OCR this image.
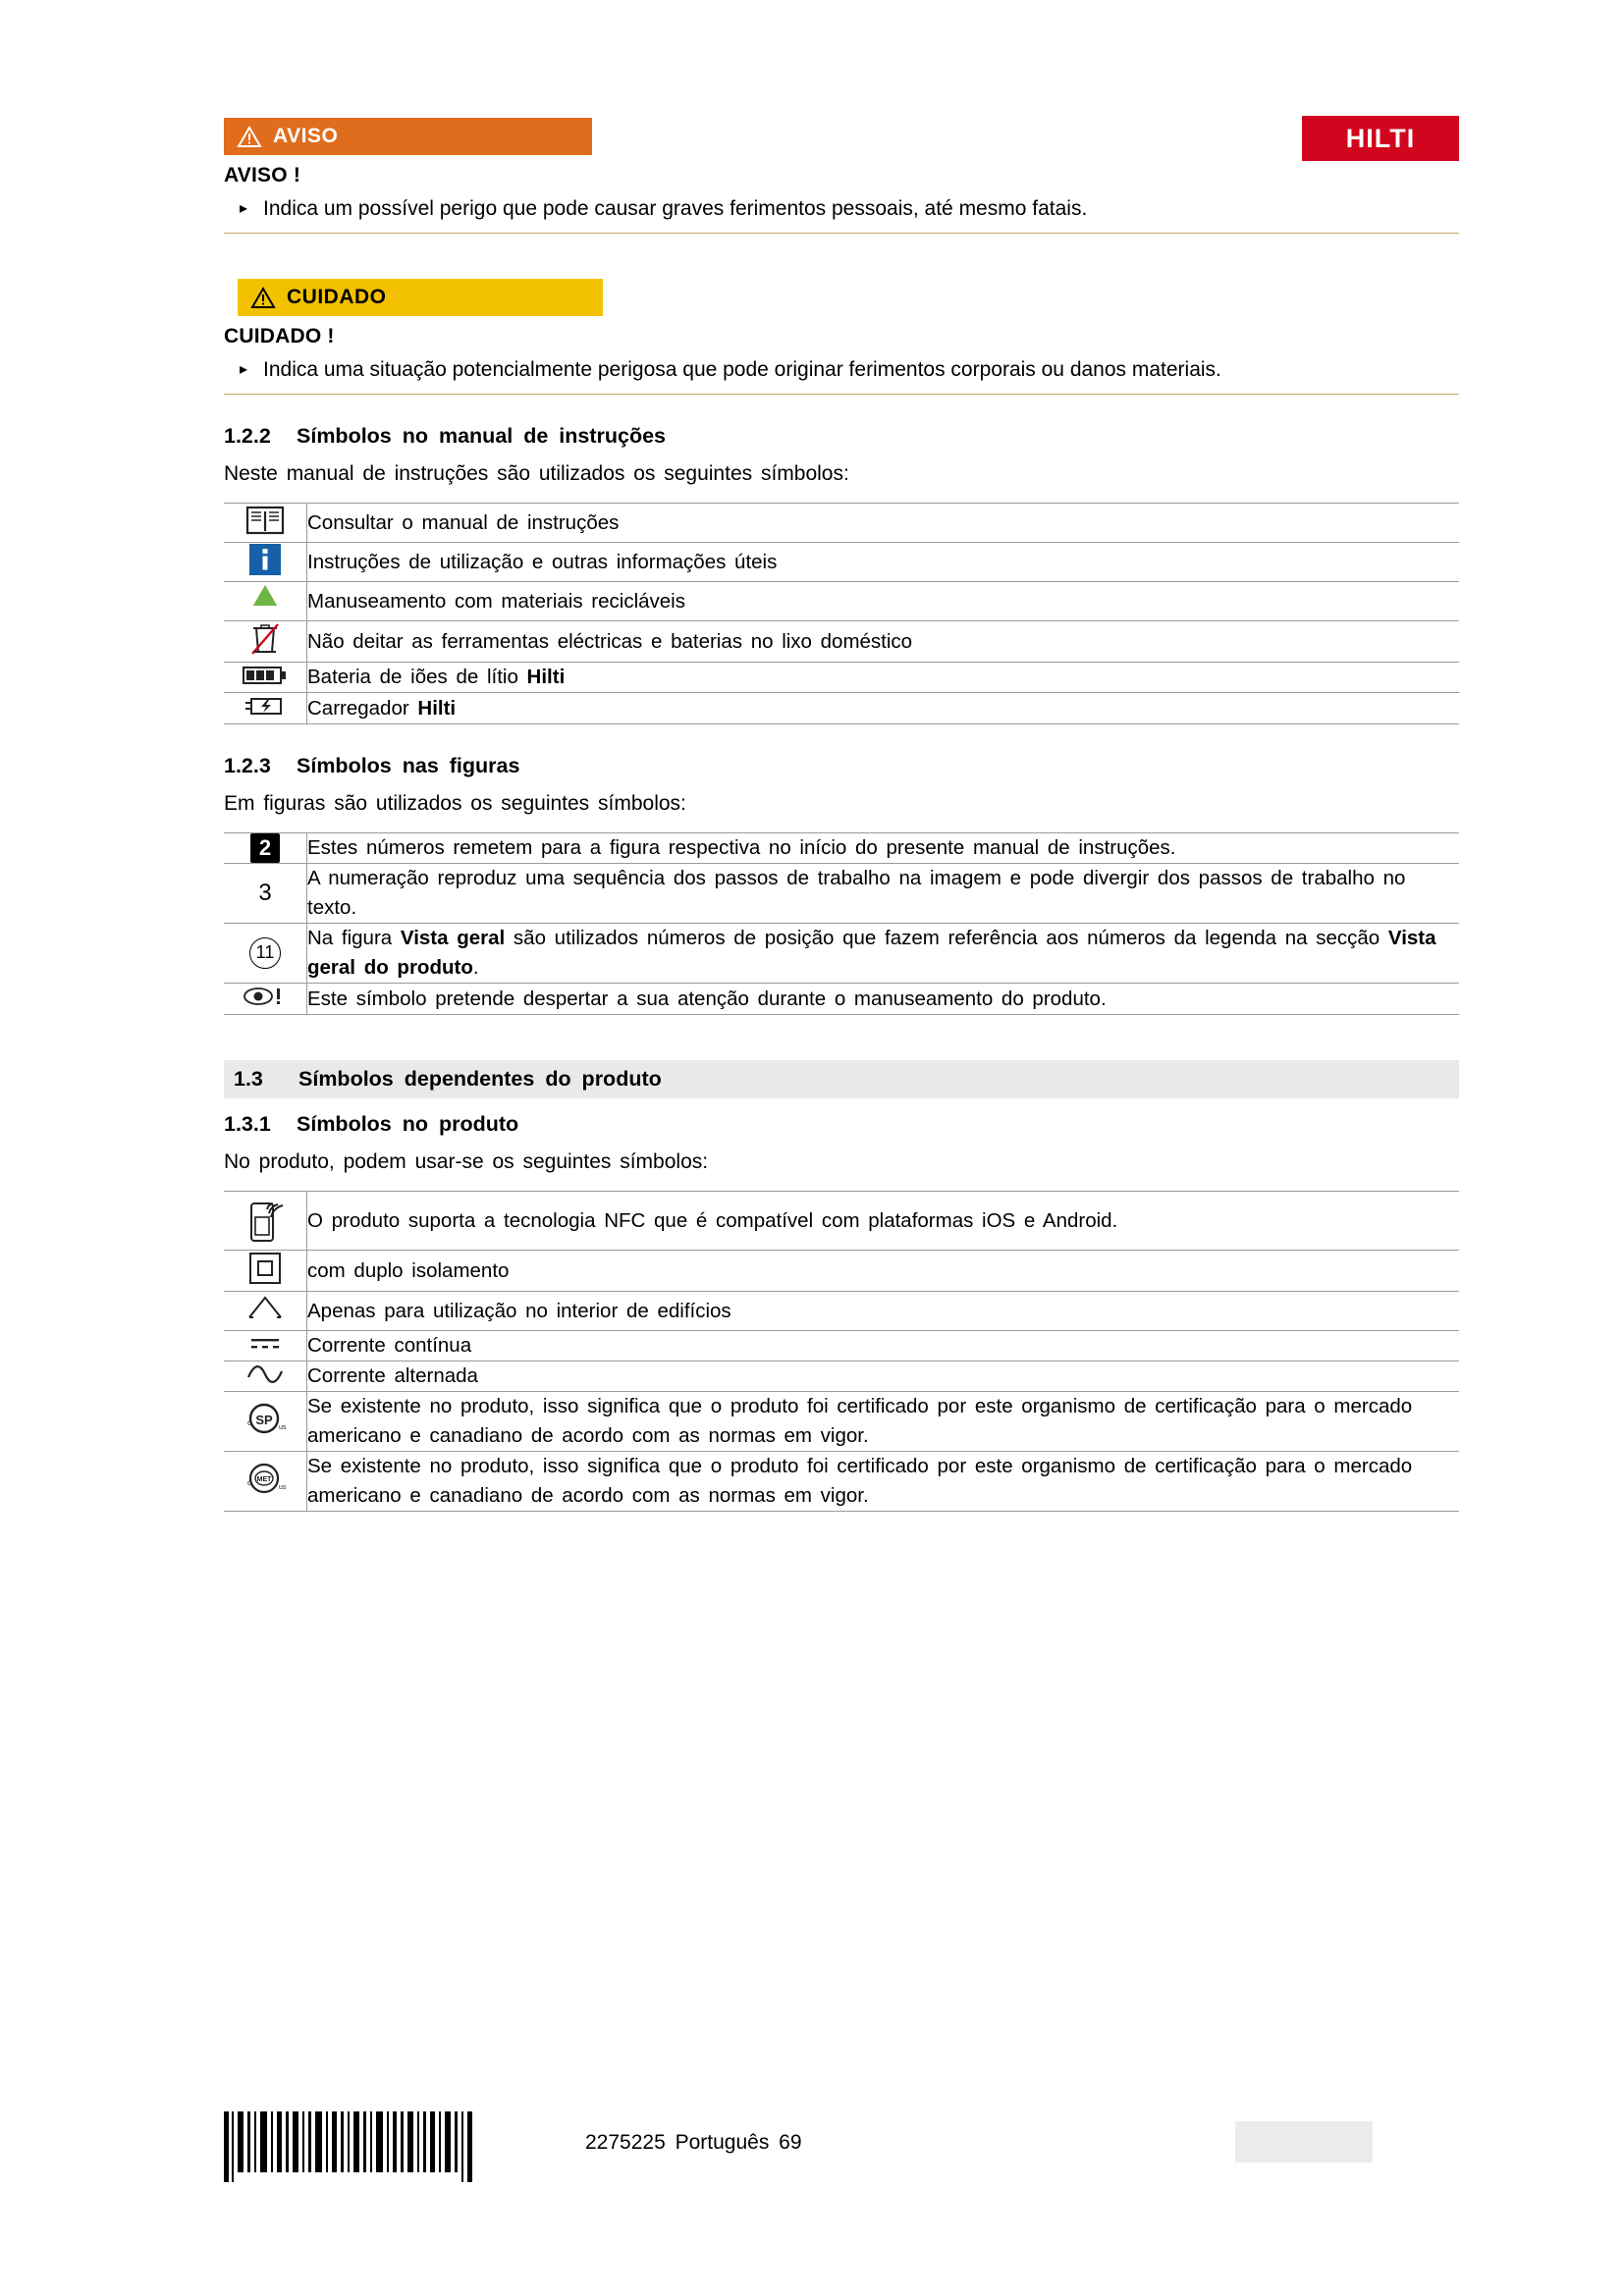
HILTI
AVISO
AVISO !
▸ Indica um possível perigo que pode causar graves ferimentos pessoais, até mesmo fatais.
CUIDADO
CUIDADO !
▸ Indica uma situação potencialmente perigosa que pode originar ferimentos corporais ou danos materiais.
1.2.2	Símbolos no manual de instruções
Neste manual de instruções são utilizados os seguintes símbolos:
	Consultar o manual de instruções
	Instruções de utilização e outras informações úteis
	Manuseamento com materiais recicláveis
	Não deitar as ferramentas eléctricas e baterias no lixo doméstico
	Bateria de iões de lítio Hilti
	Carregador Hilti
1.2.3	Símbolos nas figuras
Em figuras são utilizados os seguintes símbolos:
2	Estes números remetem para a figura respectiva no início do presente manual de instruções.
3	A numeração reproduz uma sequência dos passos de trabalho na imagem e pode divergir dos passos de trabalho no texto.
11	Na figura Vista geral são utilizados números de posição que fazem referência aos números da legenda na secção Vista geral do produto.
	Este símbolo pretende despertar a sua atenção durante o manuseamento do produto.
1.3	Símbolos dependentes do produto
1.3.1	Símbolos no produto
No produto, podem usar-se os seguintes símbolos:
	O produto suporta a tecnologia NFC que é compatível com plataformas iOS e Android.
	com duplo isolamento
	Apenas para utilização no interior de edifícios
	Corrente contínua
	Corrente alternada

SP
c
us	Se existente no produto, isso significa que o produto foi certificado por este organismo de certificação para o mercado americano e canadiano de acordo com as normas em vigor.

MET
c
us	Se existente no produto, isso significa que o produto foi certificado por este organismo de certificação para o mercado americano e canadiano de acordo com as normas em vigor.
2275225 Português 69
